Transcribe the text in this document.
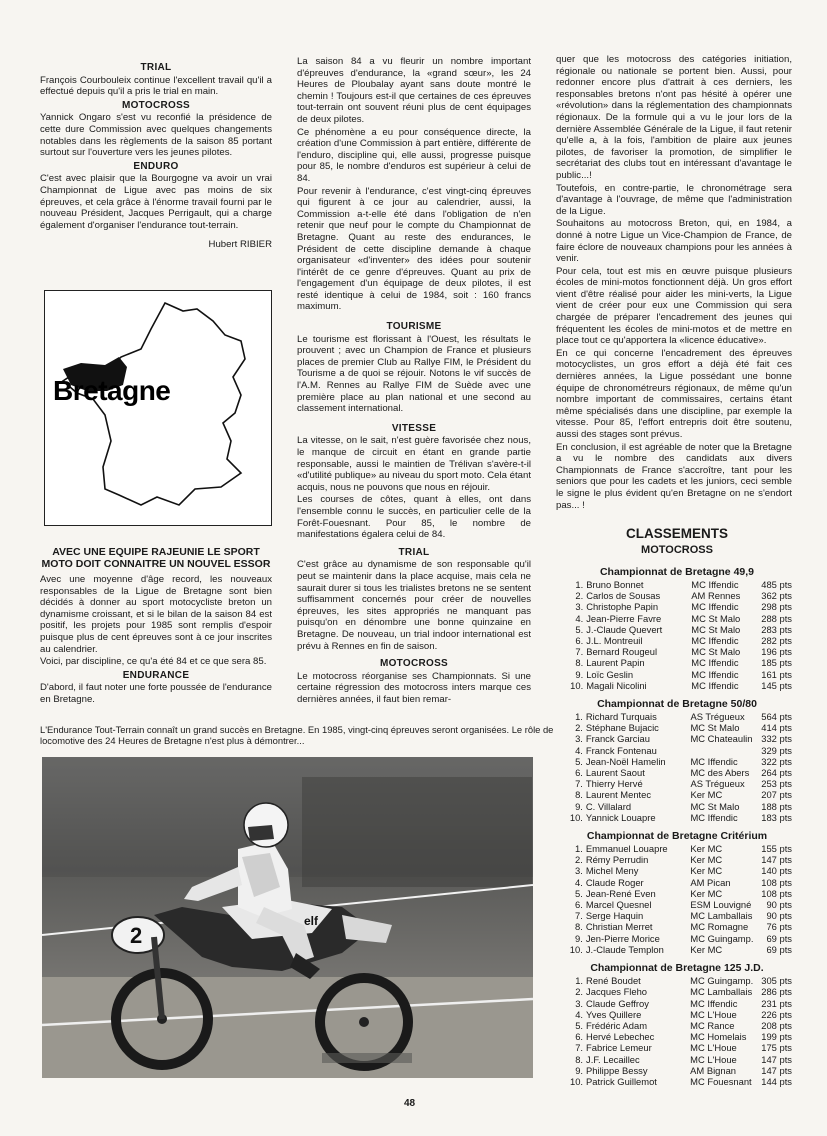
TRIAL

François Courbouleix continue l'excellent travail qu'il a effectué depuis qu'il a pris le trial en main.

MOTOCROSS

Yannick Ongaro s'est vu reconfié la présidence de cette dure Commission avec quelques changements notables dans les règlements de la saison 85 portant surtout sur l'ouverture vers les jeunes pilotes.

ENDURO

C'est avec plaisir que la Bourgogne va avoir un vrai Championnat de Ligue avec pas moins de six épreuves, et cela grâce à l'énorme travail fourni par le nouveau Président, Jacques Perrigault, qui a charge également d'organiser l'endurance tout-terrain.

Hubert RIBIER
Bretagne
AVEC UNE EQUIPE RAJEUNIE LE SPORT MOTO DOIT CONNAITRE UN NOUVEL ESSOR

Avec une moyenne d'âge record, les nouveaux responsables de la Ligue de Bretagne sont bien décidés à donner au sport motocycliste breton un dynamisme croissant, et si le bilan de la saison 84 est positif, les projets pour 1985 sont remplis d'espoir puisque plus de cent épreuves sont à ce jour inscrites au calendrier.

Voici, par discipline, ce qu'a été 84 et ce que sera 85.

ENDURANCE

D'abord, il faut noter une forte poussée de l'endurance en Bretagne.

La saison 84 a vu fleurir un nombre important d'épreuves d'endurance, la «grand sœur», les 24 Heures de Ploubalay ayant sans doute montré le chemin ! Toujours est-il que certaines de ces épreuves tout-terrain ont souvent réuni plus de cent équipages de deux pilotes.

Ce phénomène a eu pour conséquence directe, la création d'une Commission à part entière, différente de l'enduro, discipline qui, elle aussi, progresse puisque pour 85, le nombre d'enduros est supérieur à celui de 84.

Pour revenir à l'endurance, c'est vingt-cinq épreuves qui figurent à ce jour au calendrier, aussi, la Commission a-t-elle été dans l'obligation de n'en retenir que neuf pour le compte du Championnat de Bretagne. Quant au reste des endurances, le Président de cette discipline demande à chaque organisateur «d'inventer» des idées pour soutenir l'intérêt de ce genre d'épreuves. Quant au prix de l'engagement d'un équipage de deux pilotes, il est resté identique à celui de 1984, soit : 160 francs maximum.

TOURISME

Le tourisme est florissant à l'Ouest, les résultats le prouvent ; avec un Champion de France et plusieurs places de premier Club au Rallye FIM, le Président du Tourisme a de quoi se réjouir. Notons le vif succès de l'A.M. Rennes au Rallye FIM de Suède avec une première place au plan national et une second au classement international.

VITESSE

La vitesse, on le sait, n'est guère favorisée chez nous, le manque de circuit en étant en grande partie responsable, aussi le maintien de Trélivan s'avère-t-il «d'utilité publique» au niveau du sport moto. Cela étant acquis, nous ne pouvons que nous en réjouir.

Les courses de côtes, quant à elles, ont dans l'ensemble connu le succès, en particulier celle de la Forêt-Fouesnant. Pour 85, le nombre de manifestations égalera celui de 84.

TRIAL

C'est grâce au dynamisme de son responsable qu'il peut se maintenir dans la place acquise, mais cela ne saurait durer si tous les trialistes bretons ne se sentent suffisamment concernés pour créer de nouvelles épreuves, les sites appropriés ne manquant pas puisqu'on en dénombre une bonne quinzaine en Bretagne. De nouveau, un trial indoor international est prévu à Rennes en fin de saison.

MOTOCROSS

Le motocross réorganise ses Championnats. Si une certaine régression des motocross inters marque ces dernières années, il faut bien remar-

quer que les motocross des catégories initiation, régionale ou nationale se portent bien. Aussi, pour redonner encore plus d'attrait à ces derniers, les responsables bretons n'ont pas hésité à opérer une «révolution» dans la réglementation des championnats régionaux. De la formule qui a vu le jour lors de la dernière Assemblée Générale de la Ligue, il faut retenir qu'elle a, à la fois, l'ambition de plaire aux jeunes pilotes, de favoriser la promotion, de simplifier le secrétariat des clubs tout en intéressant d'avantage le public...!

Toutefois, en contre-partie, le chronométrage sera d'avantage à l'ouvrage, de même que l'administration de la Ligue.

Souhaitons au motocross Breton, qui, en 1984, a donné à notre Ligue un Vice-Champion de France, de faire éclore de nouveaux champions pour les années à venir.

Pour cela, tout est mis en œuvre puisque plusieurs écoles de mini-motos fonctionnent déjà. Un gros effort vient d'être réalisé pour aider les mini-verts, la Ligue vient de créer pour eux une Commission qui sera chargée de préparer l'encadrement des jeunes qui fréquentent les écoles de mini-motos et de mettre en place tout ce qu'apportera la «licence éducative».

En ce qui concerne l'encadrement des épreuves motocyclistes, un gros effort a déjà été fait ces dernières années, la Ligue possédant une bonne équipe de chronométreurs régionaux, de même qu'un nombre important de commissaires, certains étant même spécialisés dans une discipline, par exemple la vitesse. Pour 85, l'effort entrepris doit être soutenu, aussi des stages sont prévus.

En conclusion, il est agréable de noter que la Bretagne a vu le nombre des candidats aux divers Championnats de France s'accroître, tant pour les seniors que pour les cadets et les juniors, ceci semble le signe le plus évident qu'en Bretagne on ne s'endort pas... !

CLASSEMENTS
MOTOCROSS
Championnat de Bretagne 49,9
1.	Bruno Bonnet	MC Iffendic	485 pts
2.	Carlos de Sousas	AM Rennes	362 pts
3.	Christophe Papin	MC Iffendic	298 pts
4.	Jean-Pierre Favre	MC St Malo	288 pts
5.	J.-Claude Quevert	MC St Malo	283 pts
6.	J.L. Montreuil	MC Iffendic	282 pts
7.	Bernard Rougeul	MC St Malo	196 pts
8.	Laurent Papin	MC Iffendic	185 pts
9.	Loïc Geslin	MC Iffendic	161 pts
10.	Magali Nicolini	MC Iffendic	145 pts
Championnat de Bretagne 50/80
1.	Richard Turquais	AS Trégueux	564 pts
2.	Stéphane Bujacic	MC St Malo	414 pts
3.	Franck Garciau	MC Chateaulin	332 pts
4.	Franck Fontenau		329 pts
5.	Jean-Noël Hamelin	MC Iffendic	322 pts
6.	Laurent Saout	MC des Abers	264 pts
7.	Thierry Hervé	AS Trégueux	253 pts
8.	Laurent Mentec	Ker MC	207 pts
9.	C. Villalard	MC St Malo	188 pts
10.	Yannick Louapre	MC Iffendic	183 pts
Championnat de Bretagne Critérium
1.	Emmanuel Louapre	Ker MC	155 pts
2.	Rémy Perrudin	Ker MC	147 pts
3.	Michel Meny	Ker MC	140 pts
4.	Claude Roger	AM Pican	108 pts
5.	Jean-René Even	Ker MC	108 pts
6.	Marcel Quesnel	ESM Louvigné	90 pts
7.	Serge Haquin	MC Lamballais	90 pts
8.	Christian Merret	MC Romagne	76 pts
9.	Jen-Pierre Morice	MC Guingamp.	69 pts
10.	J.-Claude Templon	Ker MC	69 pts
Championnat de Bretagne 125 J.D.
1.	René Boudet	MC Guingamp.	305 pts
2.	Jacques Fleho	MC Lamballais	286 pts
3.	Claude Geffroy	MC Iffendic	231 pts
4.	Yves Quillere	MC L'Houe	226 pts
5.	Frédéric Adam	MC Rance	208 pts
6.	Hervé Lebechec	MC Homelais	199 pts
7.	Fabrice Lemeur	MC L'Houe	175 pts
8.	J.F. Lecaillec	MC L'Houe	147 pts
9.	Philippe Bessy	AM Bignan	147 pts
10.	Patrick Guillemot	MC Fouesnant	144 pts
L'Endurance Tout-Terrain connaît un grand succès en Bretagne. En 1985, vingt-cinq épreuves seront organisées. Le rôle de locomotive des 24 Heures de Bretagne n'est plus à démontrer...
2
elf
48
